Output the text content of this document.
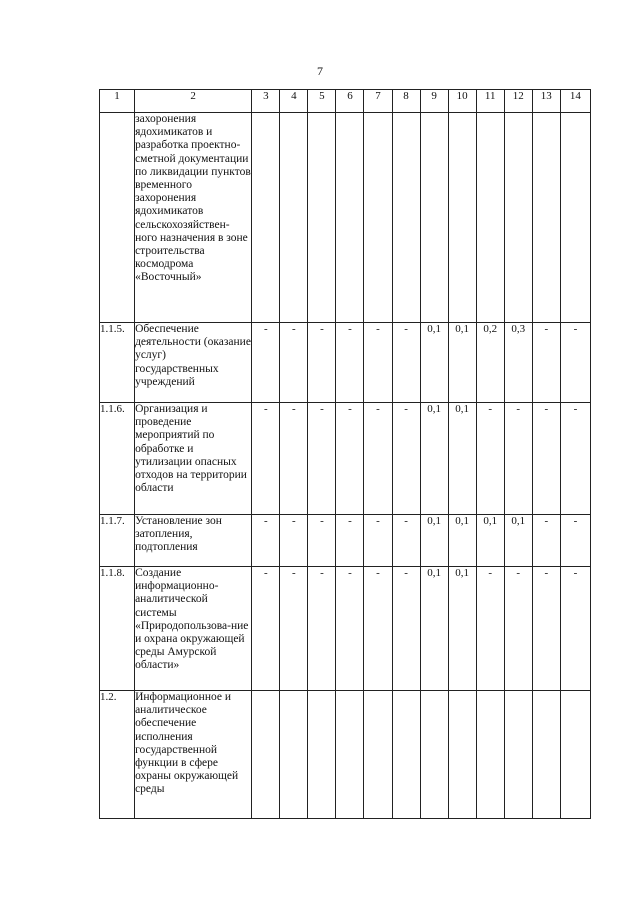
7
1	2	3	4	5	6	7	8	9	10	11	12	13	14
	захоронения ядохимикатов и разработка проектно-сметной документации по ликвидации пунктов временного захоронения ядохимикатов сельскохозяйствен-ного назначения в зоне строительства космодрома «Восточный»												
1.1.5.	Обеспечение деятельности (оказание услуг) государственных учреждений	-	-	-	-	-	-	0,1	0,1	0,2	0,3	-	-
1.1.6.	Организация и проведение мероприятий по обработке и утилизации опасных отходов на территории области	-	-	-	-	-	-	0,1	0,1	-	-	-	-
1.1.7.	Установление зон затопления, подтопления	-	-	-	-	-	-	0,1	0,1	0,1	0,1	-	-
1.1.8.	Создание информационно-аналитической системы «Природопользова-ние и охрана окружающей среды Амурской области»	-	-	-	-	-	-	0,1	0,1	-	-	-	-
1.2.	Информационное и аналитическое обеспечение исполнения государственной функции в сфере охраны окружающей среды												
